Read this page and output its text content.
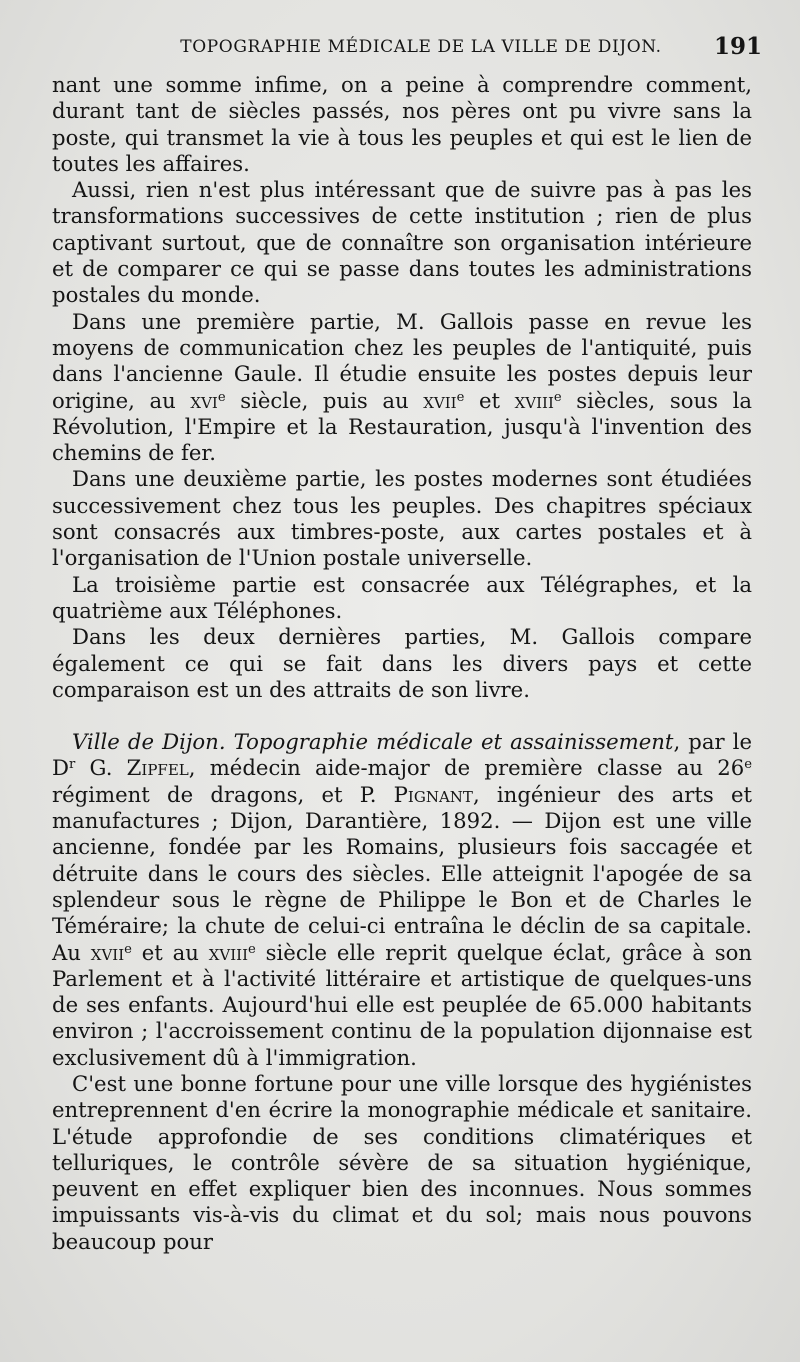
TOPOGRAPHIE MÉDICALE DE LA VILLE DE DIJON.	191

nant une somme infime, on a peine à comprendre comment, durant tant de siècles passés, nos pères ont pu vivre sans la poste, qui transmet la vie à tous les peuples et qui est le lien de toutes les affaires.

Aussi, rien n'est plus intéressant que de suivre pas à pas les transformations successives de cette institution ; rien de plus captivant surtout, que de connaître son organisation intérieure et de comparer ce qui se passe dans toutes les administrations postales du monde.

Dans une première partie, M. Gallois passe en revue les moyens de communication chez les peuples de l'antiquité, puis dans l'ancienne Gaule. Il étudie ensuite les postes depuis leur origine, au xvi$^e$ siècle, puis au xvii$^e$ et xviii$^e$ siècles, sous la Révolution, l'Empire et la Restauration, jusqu'à l'invention des chemins de fer.

Dans une deuxième partie, les postes modernes sont étudiées successivement chez tous les peuples. Des chapitres spéciaux sont consacrés aux timbres-poste, aux cartes postales et à l'organisation de l'Union postale universelle.

La troisième partie est consacrée aux Télégraphes, et la quatrième aux Téléphones.

Dans les deux dernières parties, M. Gallois compare également ce qui se fait dans les divers pays et cette comparaison est un des attraits de son livre.

Ville de Dijon. Topographie médicale et assainissement, par le $D^r$ G. Zipfel, médecin aide-major de première classe au 26e régiment de dragons, et P. Pignant, ingénieur des arts et manufactures ; Dijon, Darantière, 1892. — Dijon est une ville ancienne, fondée par les Romains, plusieurs fois saccagée et détruite dans le cours des siècles. Elle atteignit l'apogée de sa splendeur sous le règne de Philippe le Bon et de Charles le Téméraire; la chute de celui-ci entraîna le déclin de sa capitale. Au xvii$^e$ et au xviii$^e$ siècle elle reprit quelque éclat, grâce à son Parlement et à l'activité littéraire et artistique de quelques-uns de ses enfants. Aujourd'hui elle est peuplée de 65.000 habitants environ ; l'accroissement continu de la population dijonnaise est exclusivement dû à l'immigration.

C'est une bonne fortune pour une ville lorsque des hygiénistes entreprennent d'en écrire la monographie médicale et sanitaire. L'étude approfondie de ses conditions climatériques et telluriques, le contrôle sévère de sa situation hygiénique, peuvent en effet expliquer bien des inconnues. Nous sommes impuissants vis-à-vis du climat et du sol; mais nous pouvons beaucoup pour
